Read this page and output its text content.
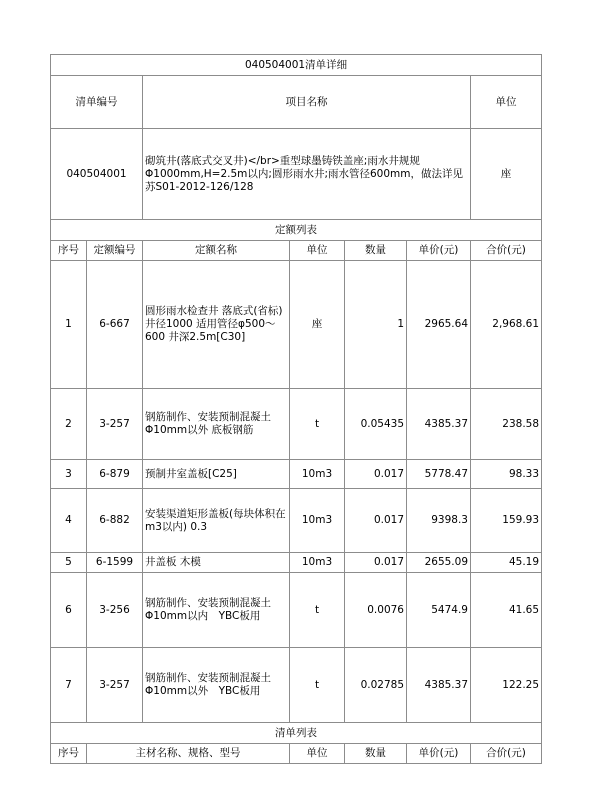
040504001清单详细							
清单编号		项目名称				单位	
040504001		砌筑井(落底式交叉井)</br>重型球墨铸铁盖座;雨水井规规Φ1000mm,H=2.5m以内;圆形雨水井;雨水管径600mm，做法详见苏S01-2012-126/128				座	
定额列表							
序号	定额编号	定额名称	单位	数量	单价(元)	合价(元)	
1	6-667	圆形雨水检查井 落底式(省标)井径1000 适用管径φ500～600 井深2.5m[C30]	座	1	2965.64	2,968.61	
2	3-257	钢筋制作、安装预制混凝土Φ10mm以外 底板钢筋	t	0.05435	4385.37	238.58	
3	6-879	预制井室盖板[C25]	10m3	0.017	5778.47	98.33	
4	6-882	安装渠道矩形盖板(每块体积在m3以内) 0.3	10m3	0.017	9398.3	159.93	
5	6-1599	井盖板 木模	10m3	0.017	2655.09	45.19	
6	3-256	钢筋制作、安装预制混凝土Φ10mm以内　YBC板用	t	0.0076	5474.9	41.65	
7	3-257	钢筋制作、安装预制混凝土Φ10mm以外　YBC板用	t	0.02785	4385.37	122.25	
清单列表							
序号	主材名称、规格、型号		单位	数量	单价(元)	合价(元)	
